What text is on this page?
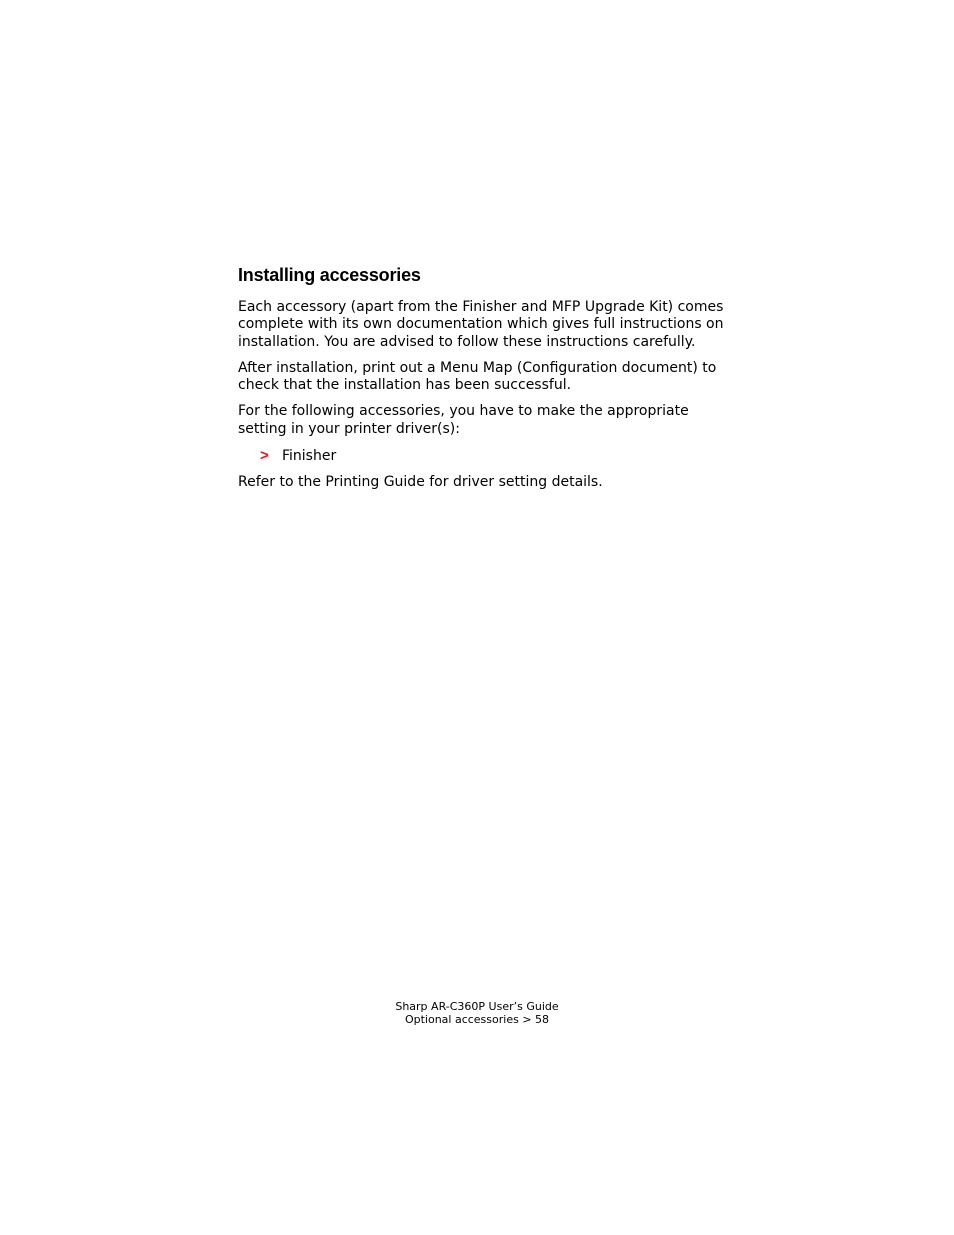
Installing accessories

Each accessory (apart from the Finisher and MFP Upgrade Kit) comes complete with its own documentation which gives full instructions on installation. You are advised to follow these instructions carefully.

After installation, print out a Menu Map (Configuration document) to check that the installation has been successful.

For the following accessories, you have to make the appropriate setting in your printer driver(s):

> Finisher

Refer to the Printing Guide for driver setting details.

Sharp AR-C360P User’s Guide
Optional accessories > 58
